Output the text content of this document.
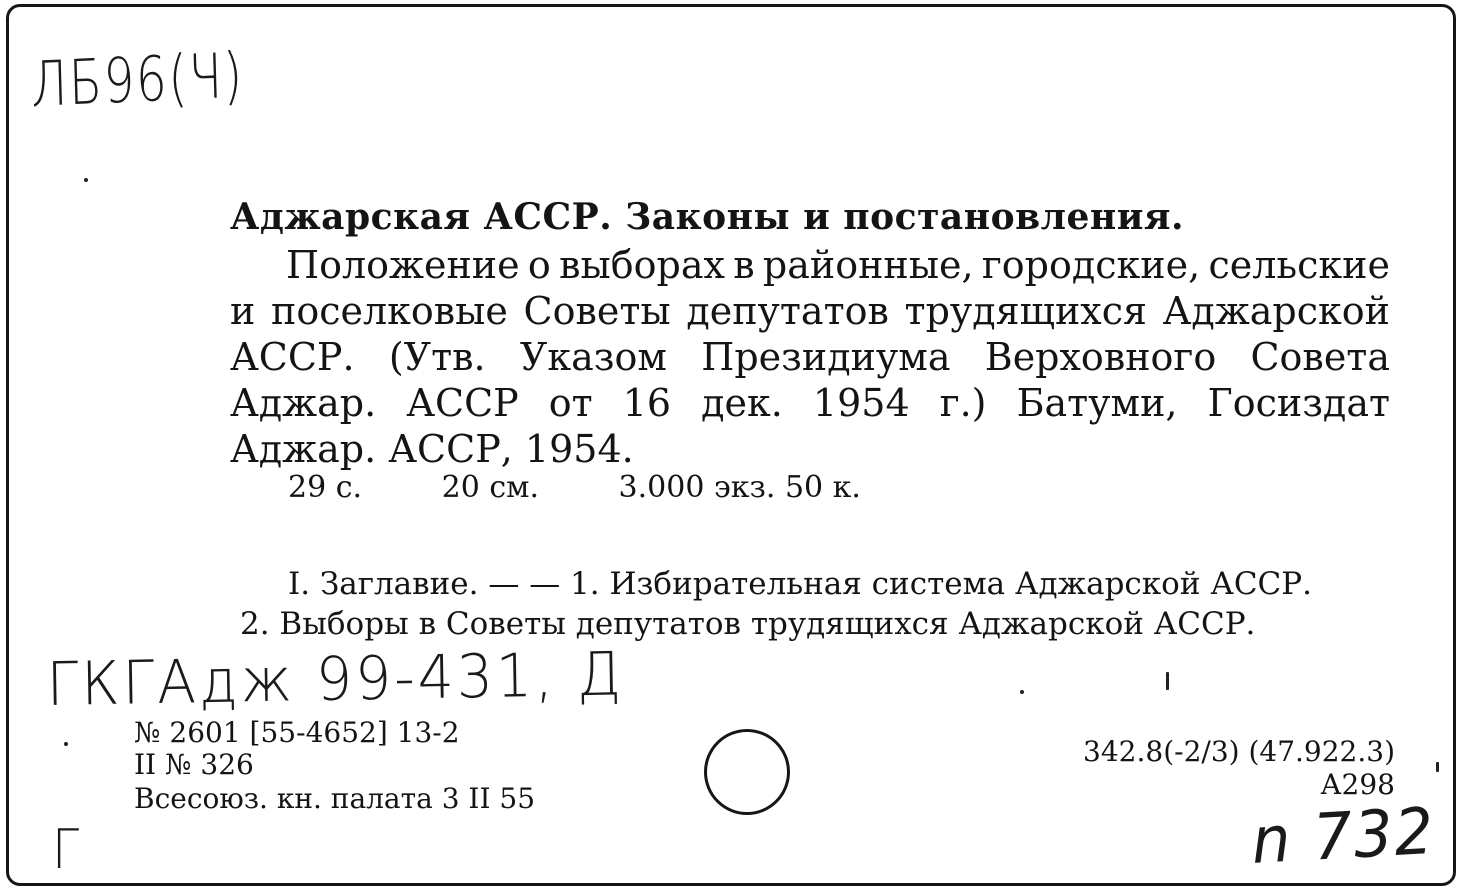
ЛБ96(Ч)
ГКГАдж 99-431, Д
Г	n 732
Аджарская АССР. Законы и постановления.
Положение о выборах в районные, городские, сельские
и поселковые Советы депутатов трудящихся Аджарской
АССР. (Утв. Указом Президиума Верховного Совета
Аджар. АССР от 16 дек. 1954 г.) Батуми, Госиздат
Аджар. АССР, 1954.
29 с.	20 см.	3.000 экз. 50 к.
I. Заглавие. — — 1. Избирательная система Аджарской АССР.
2. Выборы в Советы депутатов трудящихся Аджарской АССР.
№ 2601 [55-4652] 13-2
II № 326
Всесоюз. кн. палата 3 II 55
342.8(-2/3) (47.922.3)
А298
